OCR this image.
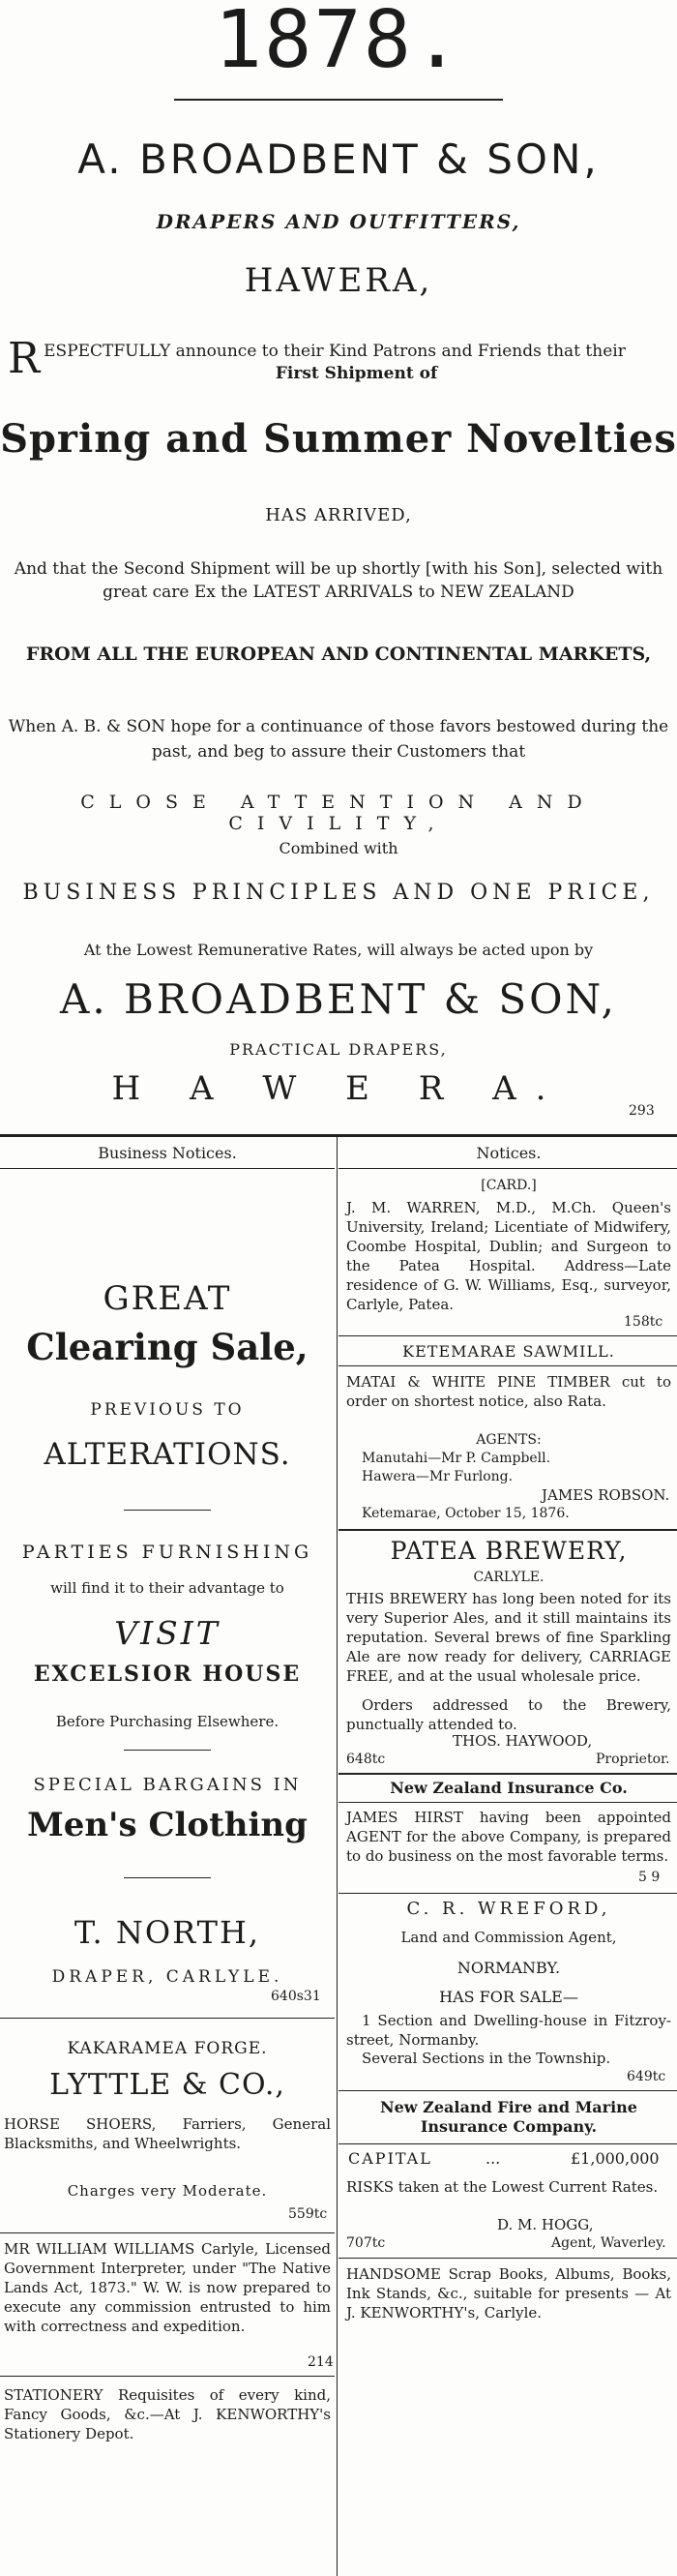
1878.
A. BROADBENT & SON,
DRAPERS AND OUTFITTERS,
HAWERA,
R ESPECTFULLY announce to their Kind Patrons and Friends that their
First Shipment of
Spring and Summer Novelties
HAS ARRIVED,
And that the Second Shipment will be up shortly [with his Son], selected with great care Ex the LATEST ARRIVALS to NEW ZEALAND
FROM ALL THE EUROPEAN AND CONTINENTAL MARKETS,
When A. B. & SON hope for a continuance of those favors bestowed during the past, and beg to assure their Customers that
CLOSE ATTENTION AND CIVILITY,
Combined with
BUSINESS PRINCIPLES AND ONE PRICE,
At the Lowest Remunerative Rates, will always be acted upon by
A. BROADBENT & SON,
PRACTICAL DRAPERS,
H A W E R A.
293
Business Notices.
GREAT
Clearing Sale,
PREVIOUS TO
ALTERATIONS.
PARTIES FURNISHING
will find it to their advantage to
VISIT
EXCELSIOR HOUSE
Before Purchasing Elsewhere.
SPECIAL BARGAINS IN
Men's Clothing
T. NORTH,
DRAPER, CARLYLE.
640s31
KAKARAMEA FORGE.
LYTTLE & CO.,
HORSE SHOERS, Farriers, General Blacksmiths, and Wheelwrights.
Charges very Moderate.
559tc
MR WILLIAM WILLIAMS Carlyle, Licensed Government Interpreter, under "The Native Lands Act, 1873." W. W. is now prepared to execute any commission entrusted to him with correctness and expedition.
214
STATIONERY Requisites of every kind, Fancy Goods, &c.—At J. KENWORTHY's Stationery Depot.
Notices.
[CARD.]
J. M. WARREN, M.D., M.Ch. Queen's University, Ireland; Licentiate of Midwifery, Coombe Hospital, Dublin; and Surgeon to the Patea Hospital. Address—Late residence of G. W. Williams, Esq., surveyor, Carlyle, Patea.
158tc
KETEMARAE SAWMILL.
MATAI & WHITE PINE TIMBER cut to order on shortest notice, also Rata.
AGENTS:
Manutahi—Mr P. Campbell.
Hawera—Mr Furlong.
JAMES ROBSON.
Ketemarae, October 15, 1876.
PATEA BREWERY,
CARLYLE.
THIS BREWERY has long been noted for its very Superior Ales, and it still maintains its reputation. Several brews of fine Sparkling Ale are now ready for delivery, CARRIAGE FREE, and at the usual wholesale price.
Orders addressed to the Brewery, punctually attended to.
THOS. HAYWOOD,
648tc	Proprietor.
New Zealand Insurance Co.
JAMES HIRST having been appointed AGENT for the above Company, is prepared to do business on the most favorable terms.
5 9
C. R. WREFORD,
Land and Commission Agent,
NORMANBY.
HAS FOR SALE—
1 Section and Dwelling-house in Fitzroy-street, Normanby.
Several Sections in the Township.
649tc
New Zealand Fire and Marine Insurance Company.
CAPITAL	...	£1,000,000
RISKS taken at the Lowest Current Rates.
D. M. HOGG,
707tc	Agent, Waverley.
HANDSOME Scrap Books, Albums, Books, Ink Stands, &c., suitable for presents — At J. KENWORTHY's, Carlyle.
